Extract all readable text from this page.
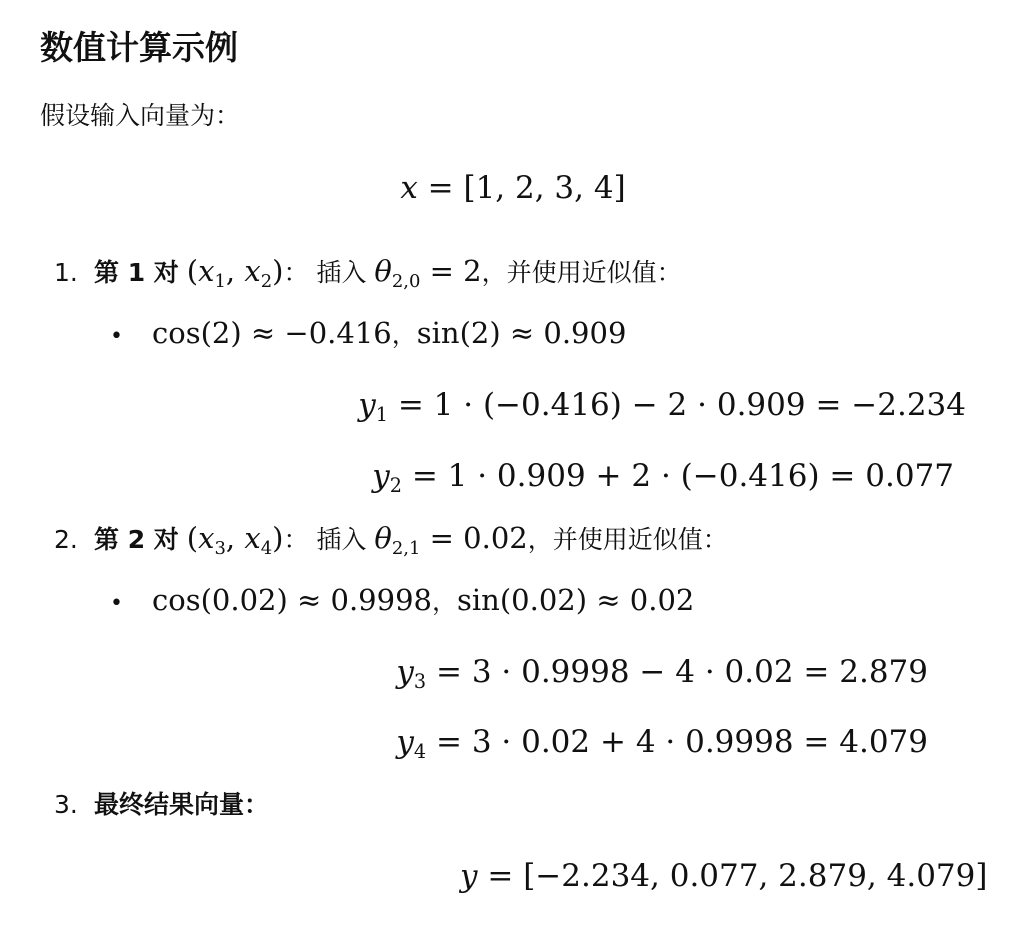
数值计算示例
假设输入向量为：
x = [1, 2, 3, 4]
1. 第 1 对 ($x_1$, $x_2$)： 插入 $\theta_{2,0} = 2$，并使用近似值：
• cos(2) ≈ −0.416，sin(2) ≈ 0.909
$y_1 = 1 \cdot (-0.416) - 2 \cdot 0.909 = -2.234$
$y_2 = 1 \cdot 0.909 + 2 \cdot (-0.416) = 0.077$
2. 第 2 对 ($x_3$, $x_4$)： 插入 $\theta_{2,1} = 0.02$，并使用近似值：
• cos(0.02) ≈ 0.9998，sin(0.02) ≈ 0.02
$y_3 = 3 \cdot 0.9998 - 4 \cdot 0.02 = 2.879$
$y_4 = 3 \cdot 0.02 + 4 \cdot 0.9998 = 4.079$
3. 最终结果向量：
y = [−2.234, 0.077, 2.879, 4.079]
